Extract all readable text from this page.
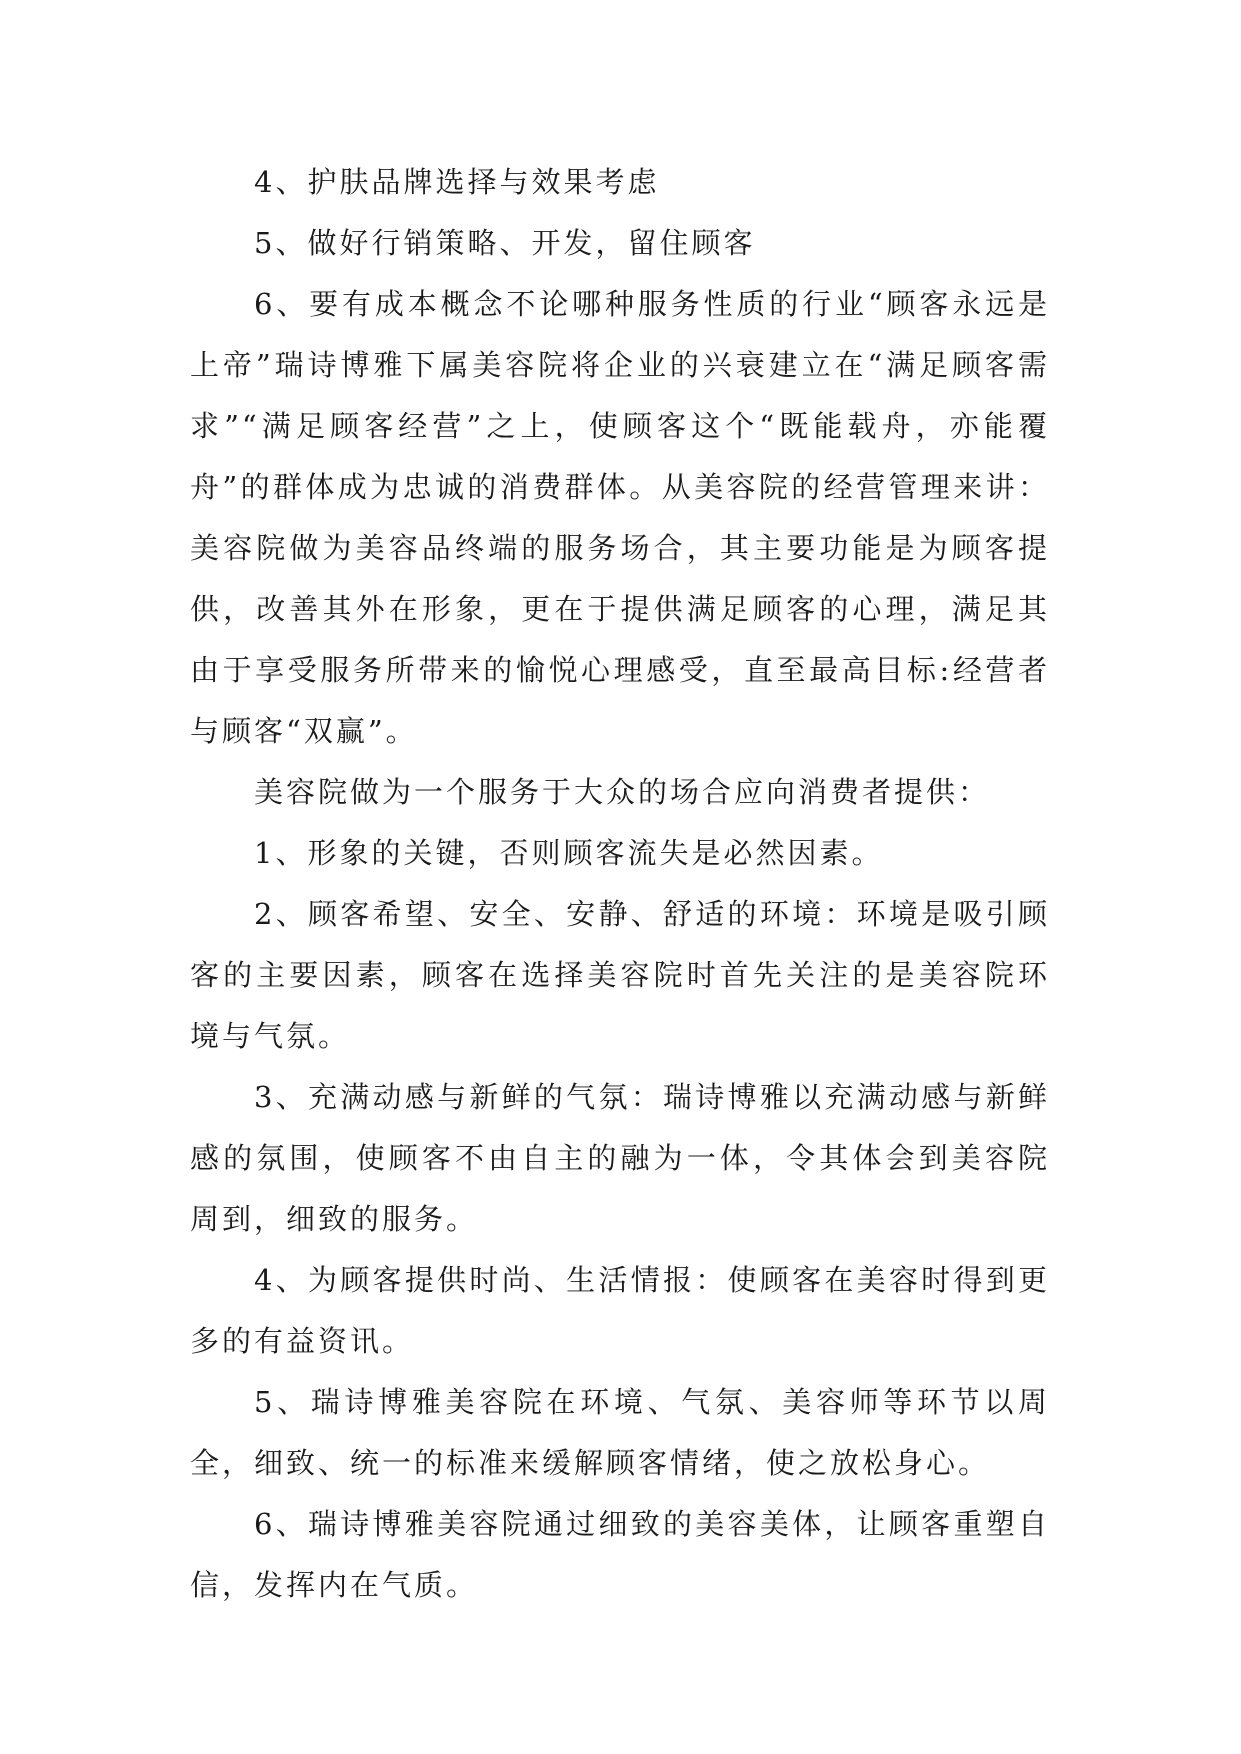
4、护肤品牌选择与效果考虑

5、做好行销策略、开发，留住顾客

6、要有成本概念不论哪种服务性质的行业“顾客永远是上帝”瑞诗博雅下属美容院将企业的兴衰建立在“满足顾客需求”“满足顾客经营”之上，使顾客这个“既能载舟，亦能覆舟”的群体成为忠诚的消费群体。从美容院的经营管理来讲：美容院做为美容品终端的服务场合，其主要功能是为顾客提供，改善其外在形象，更在于提供满足顾客的心理，满足其由于享受服务所带来的愉悦心理感受，直至最高目标:经营者与顾客“双赢”。

美容院做为一个服务于大众的场合应向消费者提供：

1、形象的关键，否则顾客流失是必然因素。

2、顾客希望、安全、安静、舒适的环境：环境是吸引顾客的主要因素，顾客在选择美容院时首先关注的是美容院环境与气氛。

3、充满动感与新鲜的气氛：瑞诗博雅以充满动感与新鲜感的氛围，使顾客不由自主的融为一体，令其体会到美容院周到，细致的服务。

4、为顾客提供时尚、生活情报：使顾客在美容时得到更多的有益资讯。

5、瑞诗博雅美容院在环境、气氛、美容师等环节以周全，细致、统一的标准来缓解顾客情绪，使之放松身心。

6、瑞诗博雅美容院通过细致的美容美体，让顾客重塑自信，发挥内在气质。
